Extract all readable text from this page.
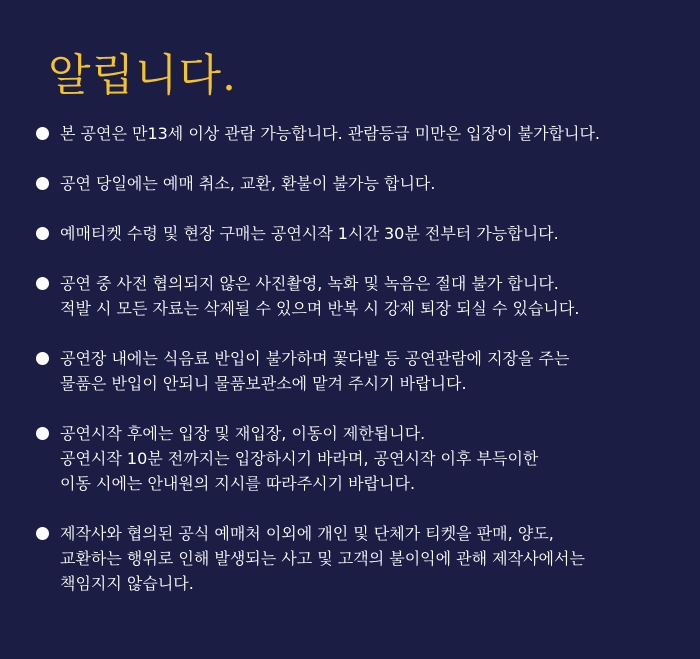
알립니다.
본 공연은 만13세 이상 관람 가능합니다. 관람등급 미만은 입장이 불가합니다.
공연 당일에는 예매 취소, 교환, 환불이 불가능 합니다.
예매티켓 수령 및 현장 구매는 공연시작 1시간 30분 전부터 가능합니다.
공연 중 사전 협의되지 않은 사진촬영, 녹화 및 녹음은 절대 불가 합니다.
적발 시 모든 자료는 삭제될 수 있으며 반복 시 강제 퇴장 되실 수 있습니다.
공연장 내에는 식음료 반입이 불가하며 꽃다발 등 공연관람에 지장을 주는
물품은 반입이 안되니 물품보관소에 맡겨 주시기 바랍니다.
공연시작 후에는 입장 및 재입장, 이동이 제한됩니다.
공연시작 10분 전까지는 입장하시기 바라며, 공연시작 이후 부득이한
이동 시에는 안내원의 지시를 따라주시기 바랍니다.
제작사와 협의된 공식 예매처 이외에 개인 및 단체가 티켓을 판매, 양도,
교환하는 행위로 인해 발생되는 사고 및 고객의 불이익에 관해 제작사에서는
책임지지 않습니다.
